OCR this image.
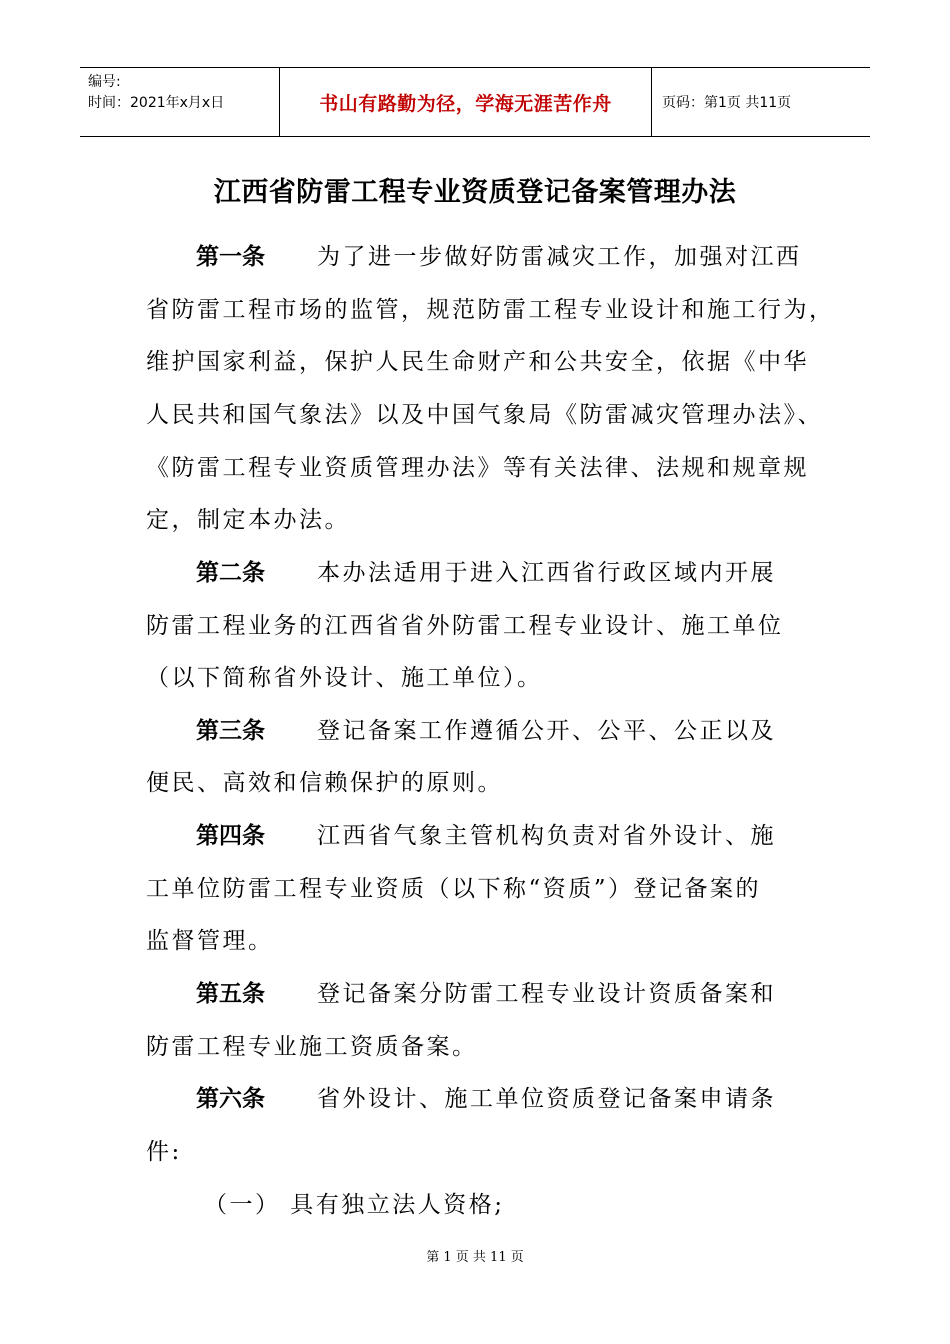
编号:
时间：2021年x月x日	书山有路勤为径，学海无涯苦作舟	页码：第1页 共11页
江西省防雷工程专业资质登记备案管理办法
第一条 为了进一步做好防雷减灾工作，加强对江西
省防雷工程市场的监管，规范防雷工程专业设计和施工行为，
维护国家利益，保护人民生命财产和公共安全，依据《中华
人民共和国气象法》以及中国气象局《防雷减灾管理办法》、
《防雷工程专业资质管理办法》等有关法律、法规和规章规
定，制定本办法。
第二条 本办法适用于进入江西省行政区域内开展
防雷工程业务的江西省省外防雷工程专业设计、施工单位
（以下简称省外设计、施工单位）。
第三条 登记备案工作遵循公开、公平、公正以及
便民、高效和信赖保护的原则。
第四条 江西省气象主管机构负责对省外设计、施
工单位防雷工程专业资质（以下称“资质”）登记备案的
监督管理。
第五条 登记备案分防雷工程专业设计资质备案和
防雷工程专业施工资质备案。
第六条 省外设计、施工单位资质登记备案申请条
件:
（一） 具有独立法人资格;
第 1 页 共 11 页
